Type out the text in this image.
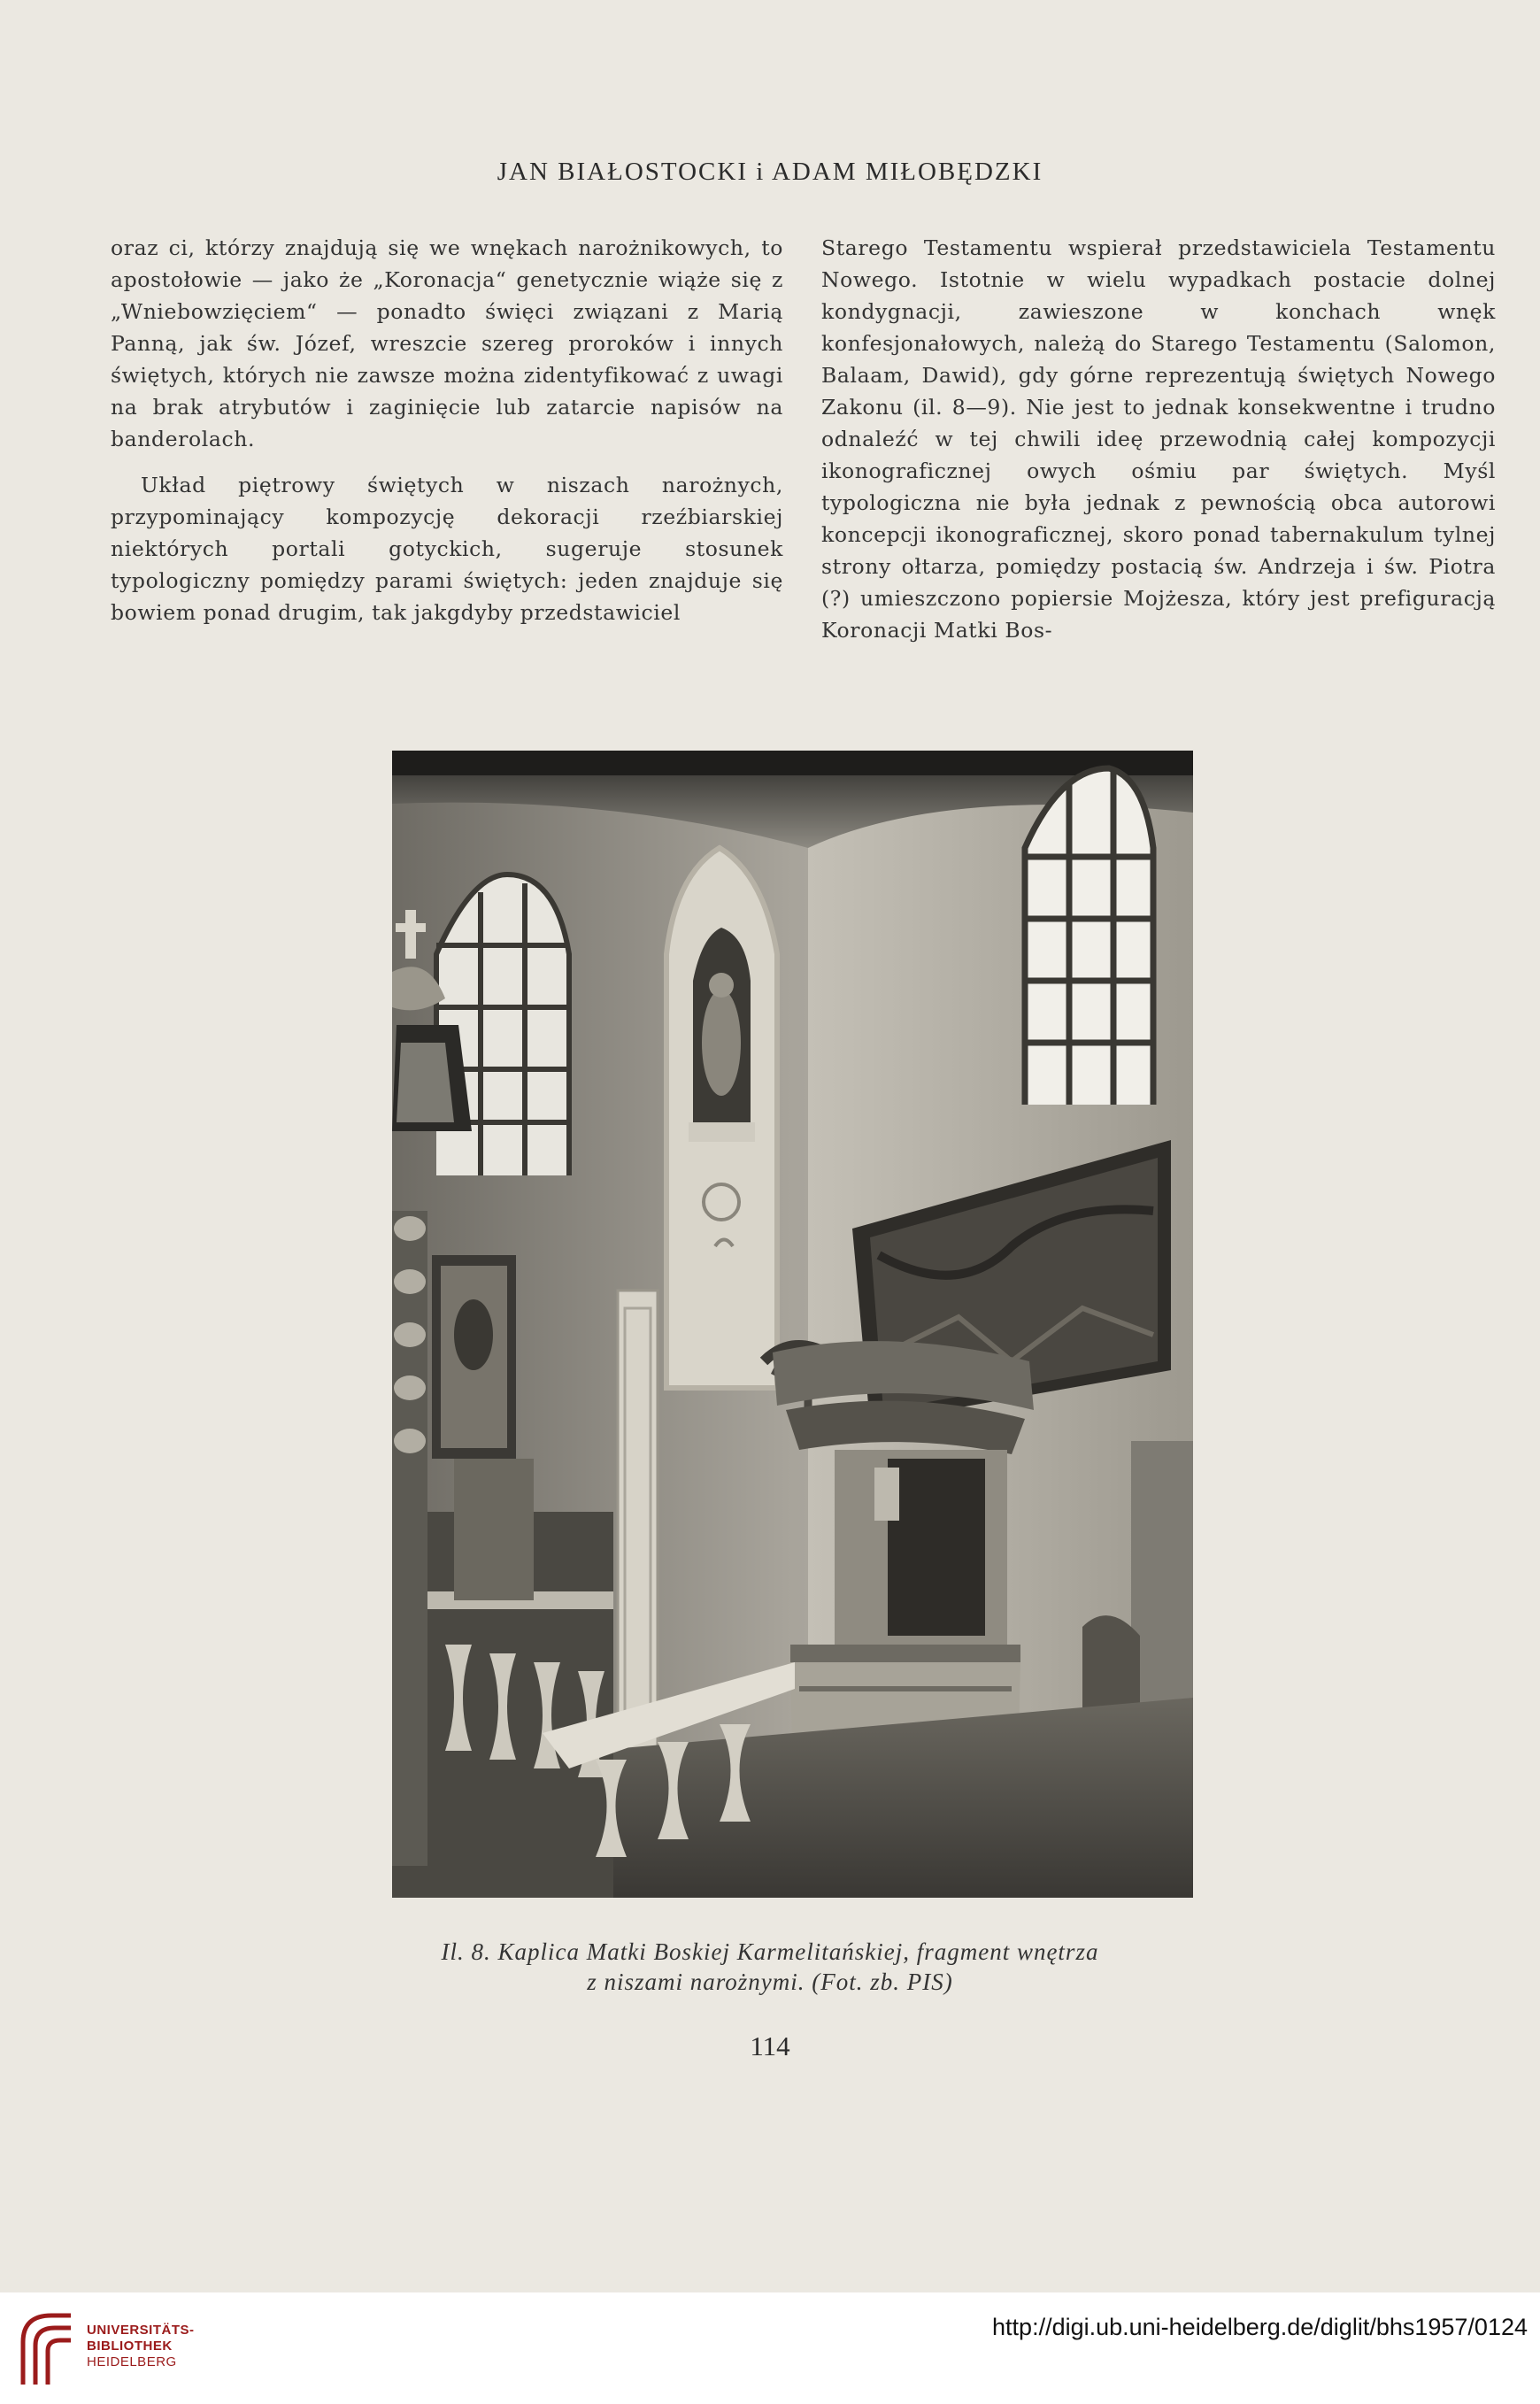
JAN BIAŁOSTOCKI i ADAM MIŁOBĘDZKI

oraz ci, którzy znajdują się we wnękach narożnikowych, to apostołowie — jako że „Koronacja“ genetycznie wiąże się z „Wniebowzięciem“ — ponadto święci związani z Marią Panną, jak św. Józef, wreszcie szereg proroków i innych świętych, których nie zawsze można zidentyfikować z uwagi na brak atrybutów i zaginięcie lub zatarcie napisów na banderolach.

Układ piętrowy świętych w niszach narożnych, przypominający kompozycję dekoracji rzeźbiarskiej niektórych portali gotyckich, sugeruje stosunek typologiczny pomiędzy parami świętych: jeden znajduje się bowiem ponad drugim, tak jakgdyby przedstawiciel

Starego Testamentu wspierał przedstawiciela Testamentu Nowego. Istotnie w wielu wypadkach postacie dolnej kondygnacji, zawieszone w konchach wnęk konfesjonałowych, należą do Starego Testamentu (Salomon, Balaam, Dawid), gdy górne reprezentują świętych Nowego Zakonu (il. 8—9). Nie jest to jednak konsekwentne i trudno odnaleźć w tej chwili ideę przewodnią całej kompozycji ikonograficznej owych ośmiu par świętych. Myśl typologiczna nie była jednak z pewnością obca autorowi koncepcji ikonograficznej, skoro ponad tabernakulum tylnej strony ołtarza, pomiędzy postacią św. Andrzeja i św. Piotra (?) umieszczono popiersie Mojżesza, który jest prefiguracją Koronacji Matki Bos-

Il. 8. Kaplica Matki Boskiej Karmelitańskiej, fragment wnętrza
z niszami narożnymi. (Fot. zb. PIS)
114
UNIVERSITÄTS-
BIBLIOTHEK
HEIDELBERG
http://digi.ub.uni-heidelberg.de/diglit/bhs1957/0124
